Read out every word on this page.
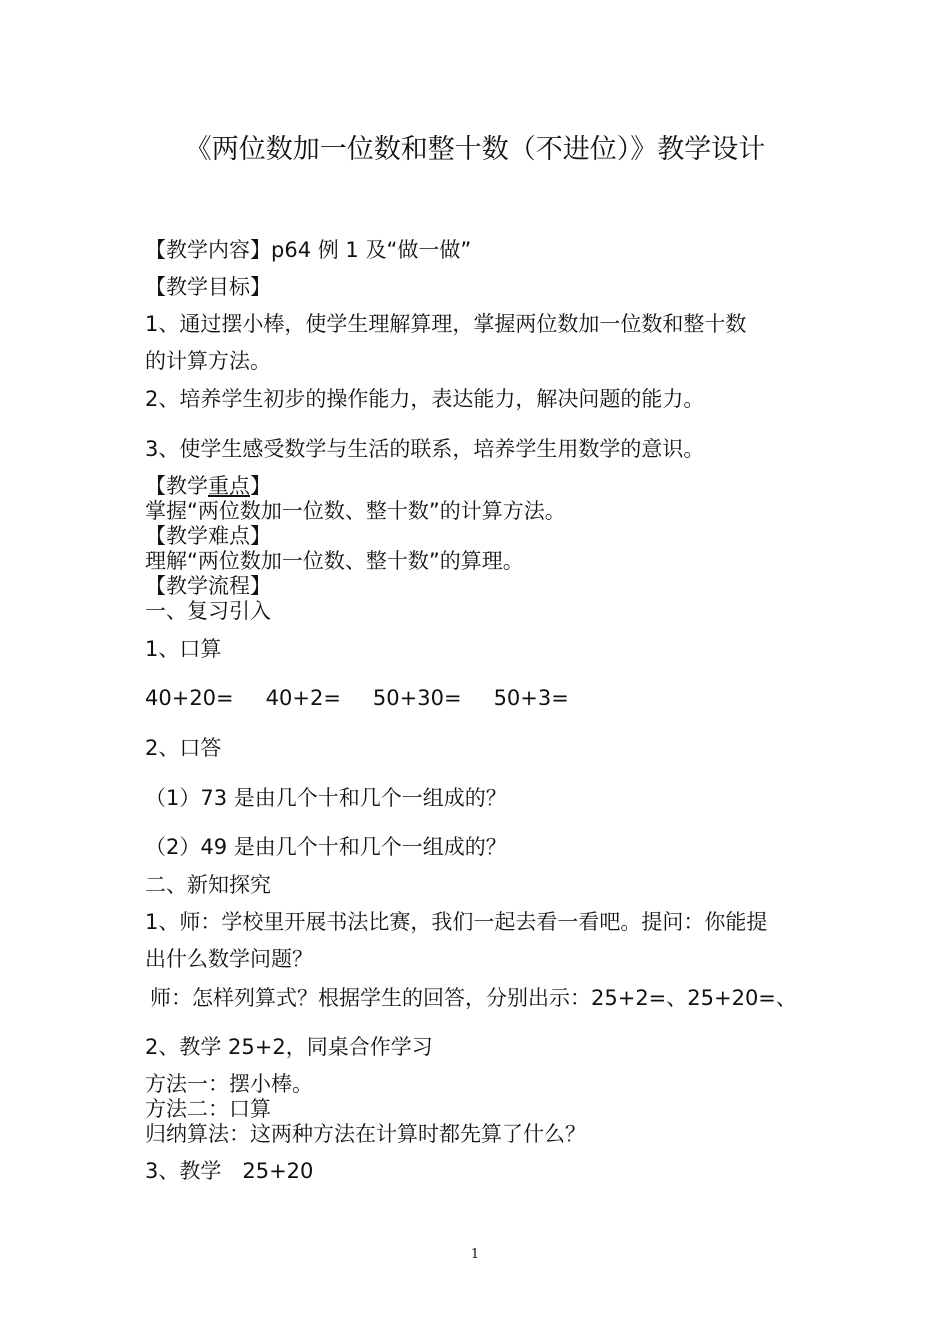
《两位数加一位数和整十数（不进位）》教学设计
【教学内容】p64 例 1 及“做一做”
【教学目标】
1、通过摆小棒，使学生理解算理，掌握两位数加一位数和整十数
的计算方法。
2、培养学生初步的操作能力，表达能力，解决问题的能力。
3、使学生感受数学与生活的联系，培养学生用数学的意识。
【教学重点】
掌握“两位数加一位数、整十数”的计算方法。
【教学难点】
理解“两位数加一位数、整十数”的算理。
【教学流程】
一、复习引入
1、口算
40+20= 40+2= 50+30= 50+3=
2、口答
（1）73 是由几个十和几个一组成的？
（2）49 是由几个十和几个一组成的？
二、新知探究
1、师：学校里开展书法比赛，我们一起去看一看吧。提问：你能提
出什么数学问题？
师：怎样列算式？根据学生的回答，分别出示：25+2=、25+20=、
2、教学 25+2，同桌合作学习
方法一：摆小棒。
方法二：口算
归纳算法：这两种方法在计算时都先算了什么？
3、教学　25+20
1
